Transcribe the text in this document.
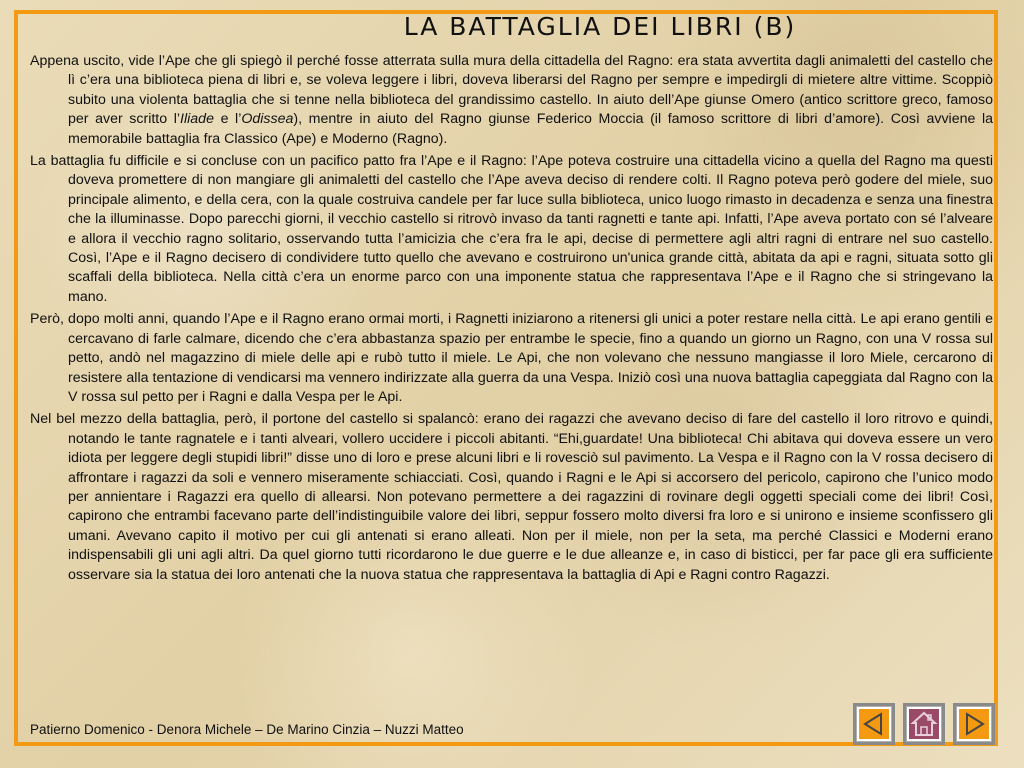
LA BATTAGLIA DEI LIBRI (B)

Appena uscito, vide l’Ape che gli spiegò il perché fosse atterrata sulla mura della cittadella del Ragno: era stata avvertita dagli animaletti del castello che lì c’era una biblioteca piena di libri e, se voleva leggere i libri, doveva liberarsi del Ragno per sempre e impedirgli di mietere altre vittime. Scoppiò subito una violenta battaglia che si tenne nella biblioteca del grandissimo castello. In aiuto dell’Ape giunse Omero (antico scrittore greco, famoso per aver scritto l’Iliade e l’Odissea), mentre in aiuto del Ragno giunse Federico Moccia (il famoso scrittore di libri d’amore). Così avviene la memorabile battaglia fra Classico (Ape) e Moderno (Ragno).

La battaglia fu difficile e si concluse con un pacifico patto fra l’Ape e il Ragno: l’Ape poteva costruire una cittadella vicino a quella del Ragno ma questi doveva promettere di non mangiare gli animaletti del castello che l’Ape aveva deciso di rendere colti. Il Ragno poteva però godere del miele, suo principale alimento, e della cera, con la quale costruiva candele per far luce sulla biblioteca, unico luogo rimasto in decadenza e senza una finestra che la illuminasse. Dopo parecchi giorni, il vecchio castello si ritrovò invaso da tanti ragnetti e tante api. Infatti, l’Ape aveva portato con sé l’alveare e allora il vecchio ragno solitario, osservando tutta l’amicizia che c’era fra le api, decise di permettere agli altri ragni di entrare nel suo castello. Così, l’Ape e il Ragno decisero di condividere tutto quello che avevano e costruirono un'unica grande città, abitata da api e ragni, situata sotto gli scaffali della biblioteca. Nella città c’era un enorme parco con una imponente statua che rappresentava l’Ape e il Ragno che si stringevano la mano.

Però, dopo molti anni, quando l’Ape e il Ragno erano ormai morti, i Ragnetti iniziarono a ritenersi gli unici a poter restare nella città. Le api erano gentili e cercavano di farle calmare, dicendo che c’era abbastanza spazio per entrambe le specie, fino a quando un giorno un Ragno, con una V rossa sul petto, andò nel magazzino di miele delle api e rubò tutto il miele. Le Api, che non volevano che nessuno mangiasse il loro Miele, cercarono di resistere alla tentazione di vendicarsi ma vennero indirizzate alla guerra da una Vespa. Iniziò così una nuova battaglia capeggiata dal Ragno con la V rossa sul petto per i Ragni e dalla Vespa per le Api.

Nel bel mezzo della battaglia, però, il portone del castello si spalancò: erano dei ragazzi che avevano deciso di fare del castello il loro ritrovo e quindi, notando le tante ragnatele e i tanti alveari, vollero uccidere i piccoli abitanti. “Ehi,guardate! Una biblioteca! Chi abitava qui doveva essere un vero idiota per leggere degli stupidi libri!” disse uno di loro e prese alcuni libri e li rovesciò sul pavimento. La Vespa e il Ragno con la V rossa decisero di affrontare i ragazzi da soli e vennero miseramente schiacciati. Così, quando i Ragni e le Api si accorsero del pericolo, capirono che l’unico modo per annientare i Ragazzi era quello di allearsi. Non potevano permettere a dei ragazzini di rovinare degli oggetti speciali come dei libri! Così, capirono che entrambi facevano parte dell’indistinguibile valore dei libri, seppur fossero molto diversi fra loro e si unirono e insieme sconfissero gli umani. Avevano capito il motivo per cui gli antenati si erano alleati. Non per il miele, non per la seta, ma perché Classici e Moderni erano indispensabili gli uni agli altri. Da quel giorno tutti ricordarono le due guerre e le due alleanze e, in caso di bisticci, per far pace gli era sufficiente osservare sia la statua dei loro antenati che la nuova statua che rappresentava la battaglia di Api e Ragni contro Ragazzi.

Patierno Domenico - Denora Michele – De Marino Cinzia – Nuzzi Matteo
